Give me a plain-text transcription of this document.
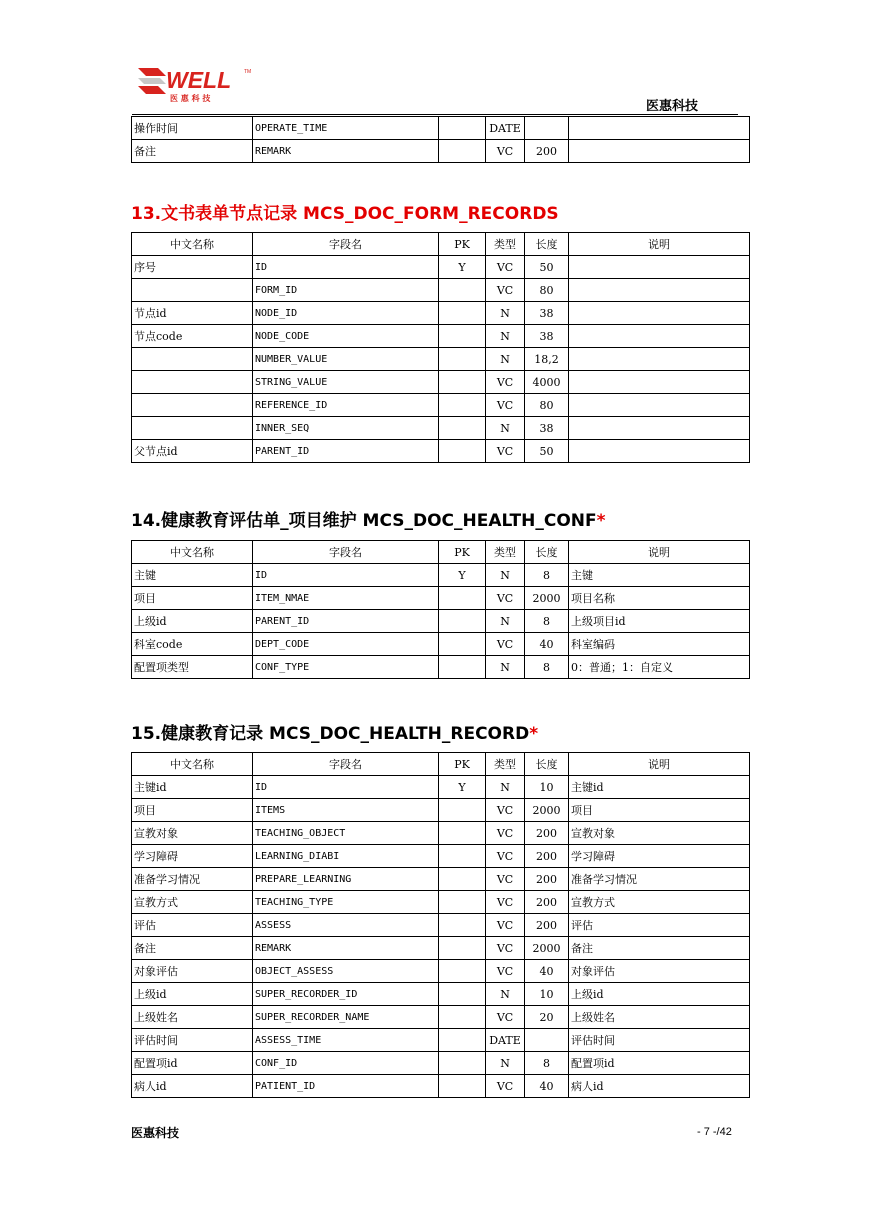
WELL	TM
医 惠 科 技
医惠科技
操作时间	OPERATE_TIME		DATE		
备注	REMARK		VC	200	
13.文书表单节点记录 MCS_DOC_FORM_RECORDS
中文名称	字段名	PK	类型	长度	说明
序号	ID	Y	VC	50	
	FORM_ID		VC	80	
节点id	NODE_ID		N	38	
节点code	NODE_CODE		N	38	
	NUMBER_VALUE		N	18,2	
	STRING_VALUE		VC	4000	
	REFERENCE_ID		VC	80	
	INNER_SEQ		N	38	
父节点id	PARENT_ID		VC	50	
14.健康教育评估单_项目维护 MCS_DOC_HEALTH_CONF*
中文名称	字段名	PK	类型	长度	说明
主键	ID	Y	N	8	主键
项目	ITEM_NMAE		VC	2000	项目名称
上级id	PARENT_ID		N	8	上级项目id
科室code	DEPT_CODE		VC	40	科室编码
配置项类型	CONF_TYPE		N	8	0：普通；1：自定义
15.健康教育记录 MCS_DOC_HEALTH_RECORD*
中文名称	字段名	PK	类型	长度	说明
主键id	ID	Y	N	10	主键id
项目	ITEMS		VC	2000	项目
宣教对象	TEACHING_OBJECT		VC	200	宣教对象
学习障碍	LEARNING_DIABI		VC	200	学习障碍
准备学习情况	PREPARE_LEARNING		VC	200	准备学习情况
宣教方式	TEACHING_TYPE		VC	200	宣教方式
评估	ASSESS		VC	200	评估
备注	REMARK		VC	2000	备注
对象评估	OBJECT_ASSESS		VC	40	对象评估
上级id	SUPER_RECORDER_ID		N	10	上级id
上级姓名	SUPER_RECORDER_NAME		VC	20	上级姓名
评估时间	ASSESS_TIME		DATE		评估时间
配置项id	CONF_ID		N	8	配置项id
病人id	PATIENT_ID		VC	40	病人id
医惠科技	- 7 -/42
